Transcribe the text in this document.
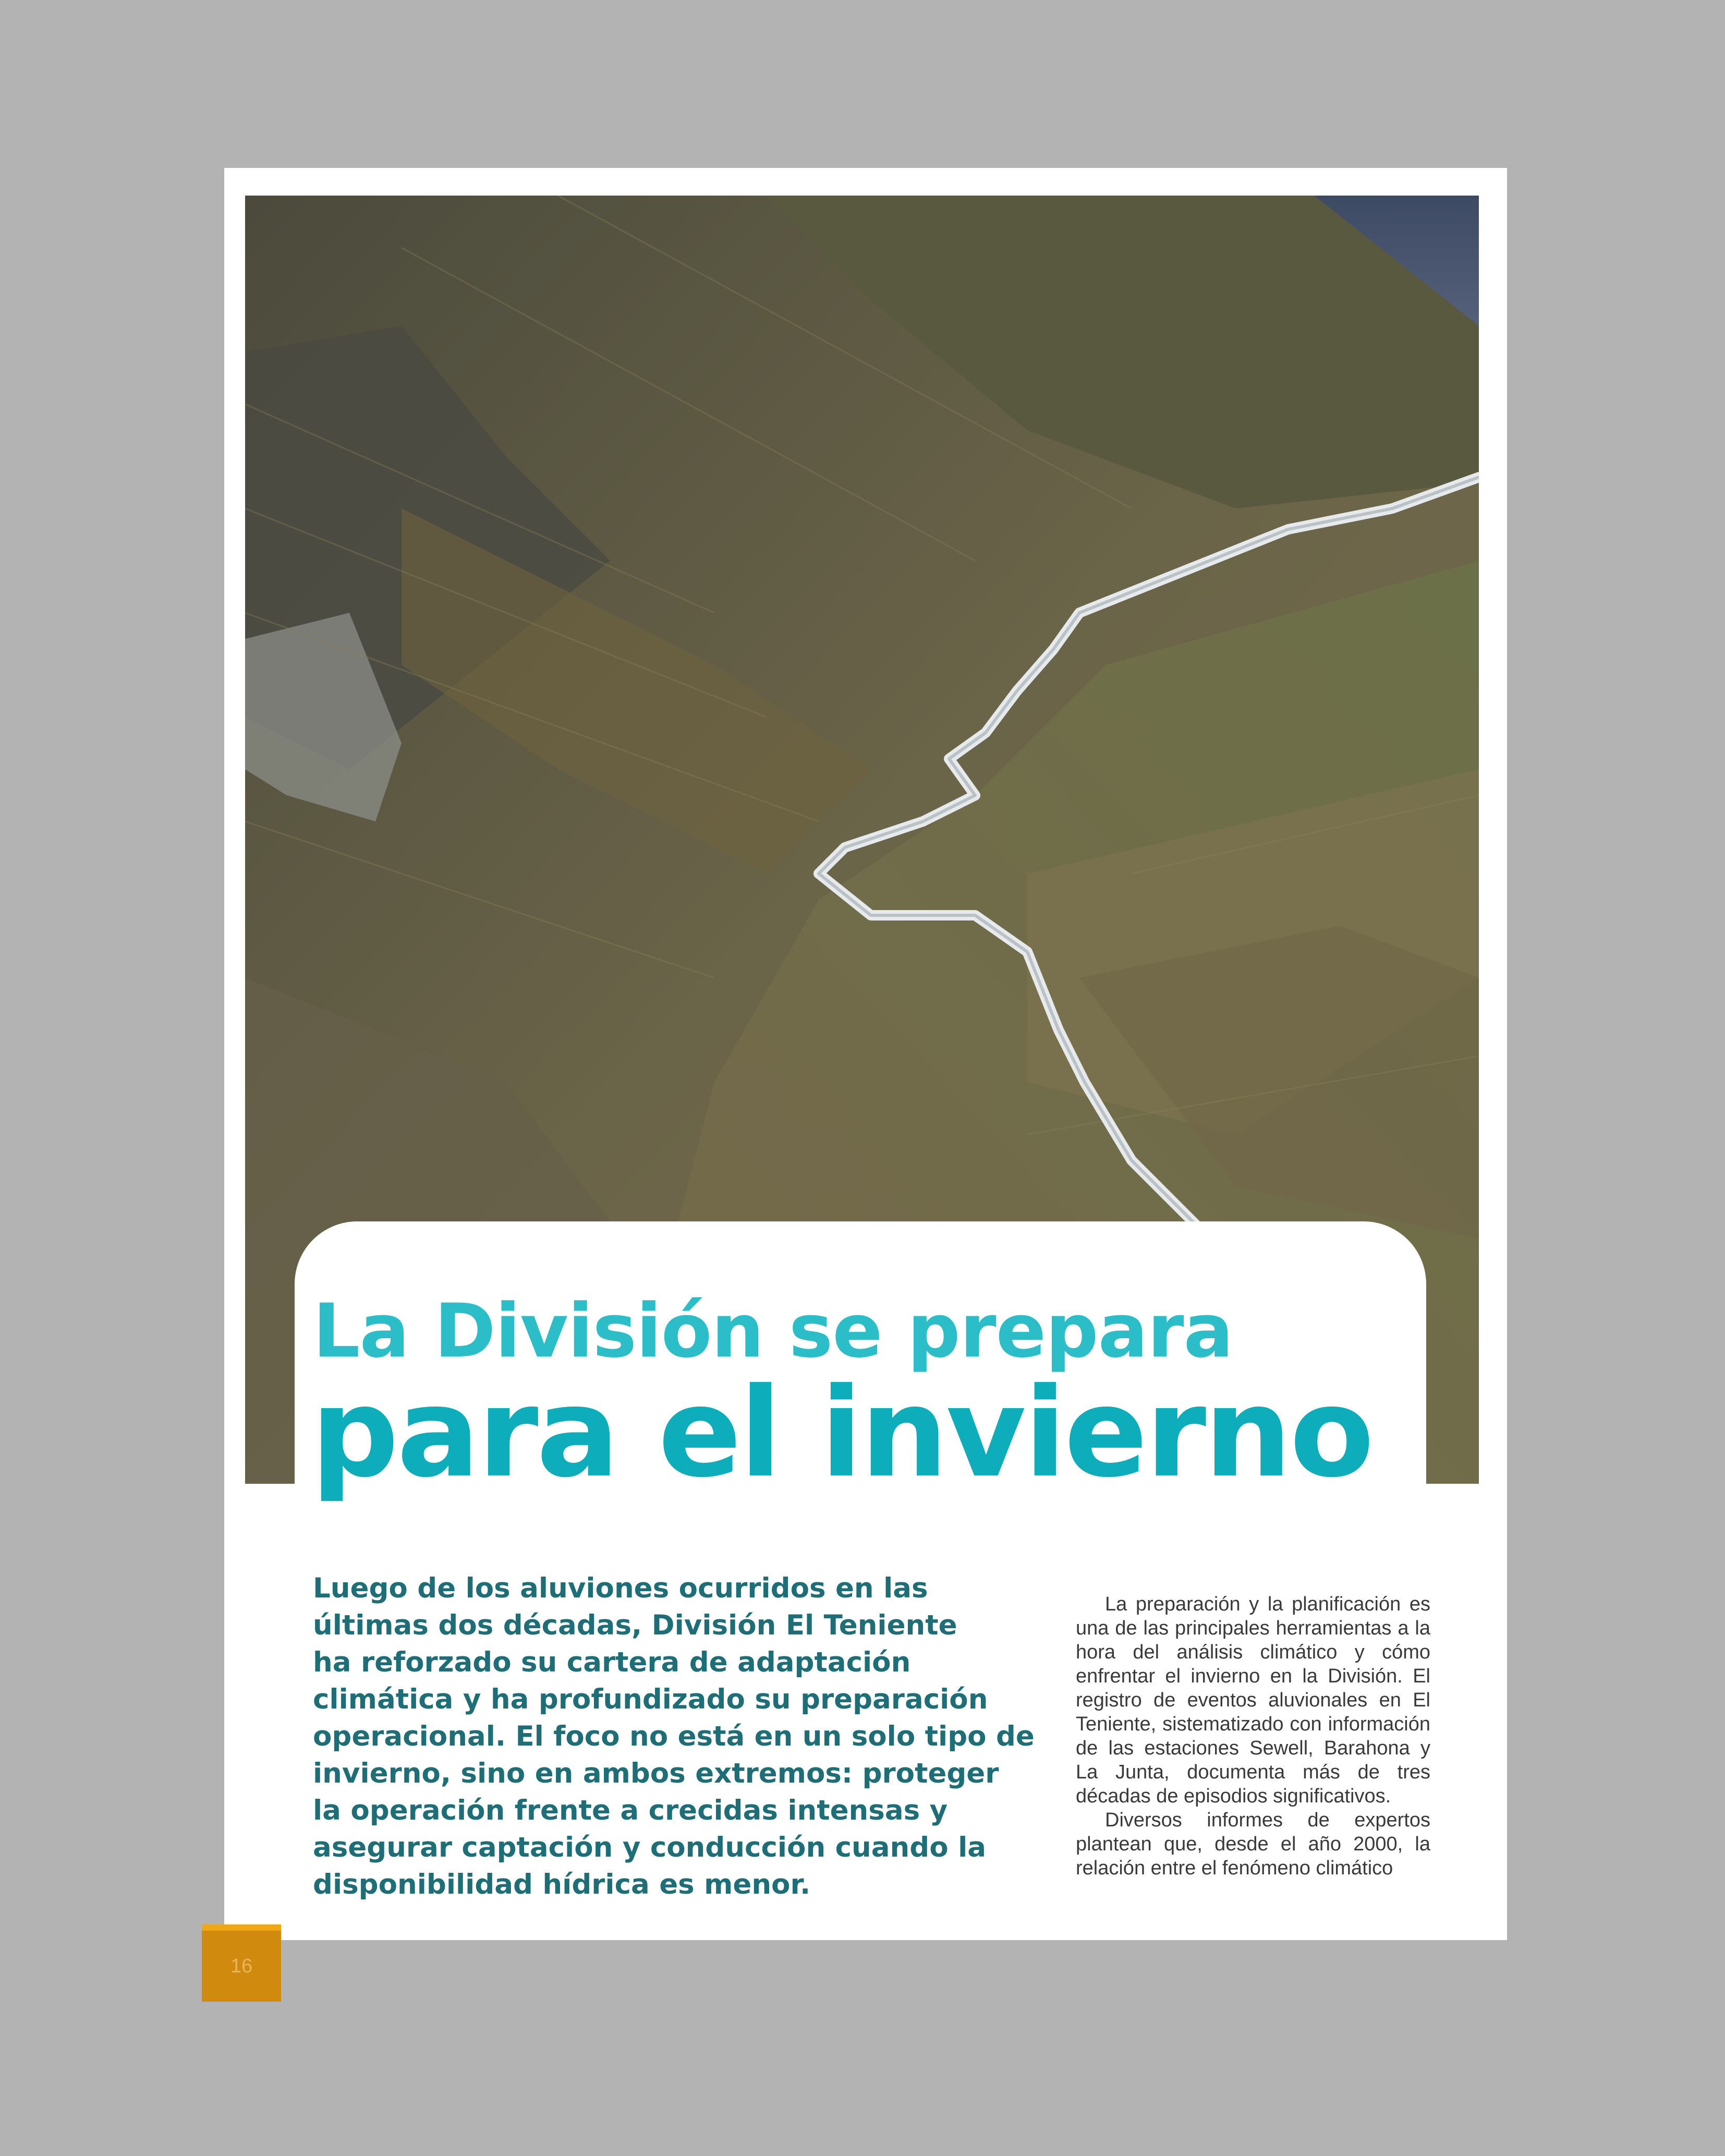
La División se prepara
para el invierno
Luego de los aluviones ocurridos en las
últimas dos décadas, División El Teniente
ha reforzado su cartera de adaptación
climática y ha profundizado su preparación
operacional. El foco no está en un solo tipo de
invierno, sino en ambos extremos: proteger
la operación frente a crecidas intensas y
asegurar captación y conducción cuando la
disponibilidad hídrica es menor.

La preparación y la planificación es una de las principales herramientas a la hora del análisis climático y cómo enfrentar el invierno en la División. El registro de eventos aluvionales en El Teniente, sistematizado con información de las estaciones Sewell, Barahona y La Junta, documenta más de tres décadas de episodios significativos.

Diversos informes de expertos plantean que, desde el año 2000, la relación entre el fenómeno climático

16
